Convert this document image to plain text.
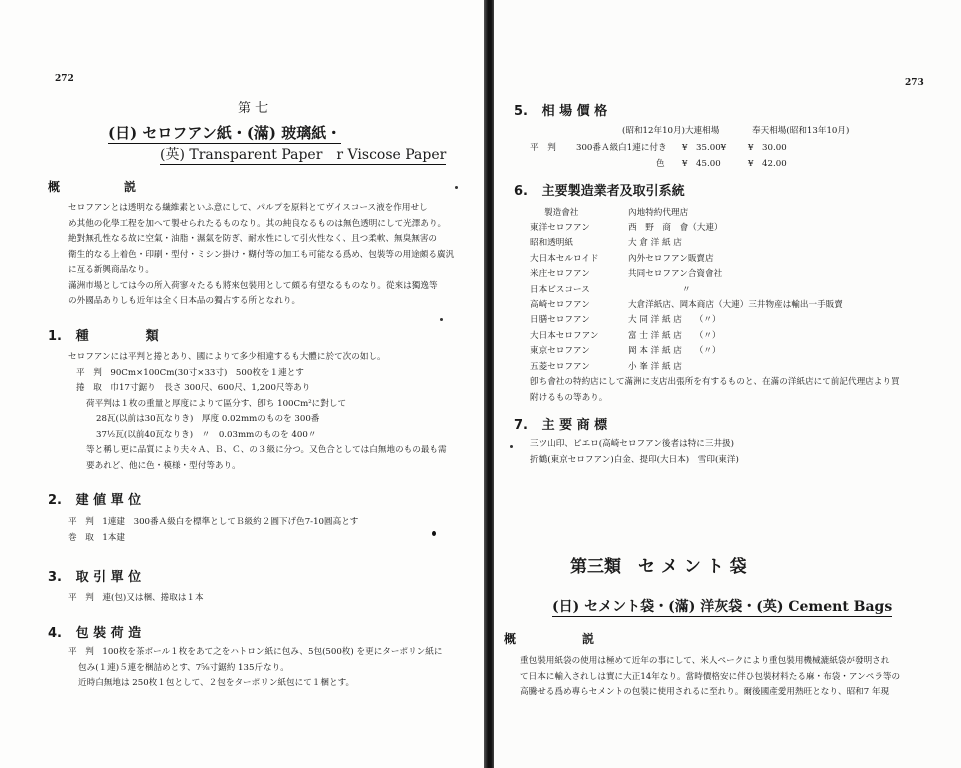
272
第 七
(日) セロフアン紙・(滿) 玻璃紙・
(英) Transparent Paper　r Viscose Paper
概	説
セロフアンとは透明なる繊維素といふ意にして、パルプを原料とてヴイスコース液を作用せし
め其他の化學工程を加へて製せられたるものなり。其の純良なるものは無色透明にして光澤あり。
絶對無孔性なる故に空氣・油脂・濕氣を防ぎ、耐水性にして引火性なく、且つ柔軟、無臭無害の
衛生的なる上着色・印刷・型付・ミシン掛け・糊付等の加工も可能なる爲め、包裝等の用途頗る廣汎
に亙る新興商品なり。
滿洲市場としては今の所入荷寥々たるも將來包裝用として頗る有望なるものなり。從來は獨逸等
の外國品ありしも近年は全く日本品の獨占する所となれり。
1. 種	類
セロフアンには平判と捲とあり、國によりて多少相違するも大體に於て次の如し。
平　判　90Cm×100Cm(30寸×33寸)　500枚を１連とす
捲　取　巾17寸鋸り　長さ 300尺、600尺、1,200尺等あり
荷平判は１枚の重量と厚度によりて區分す、卽ち 100Cm²に對して
28瓦(以前は30瓦なりき)　厚度 0.02mmのものを 300番
37½瓦(以前40瓦なりき)　〃　0.03mmのものを 400〃
等と稱し更に品質により夫々Ａ、Ｂ、Ｃ、の３級に分つ。又色合としては白無地のもの最も需
要あれど、他に色・模様・型付等あり。
2. 建 値 單 位
平　判　1連建　300番Ａ級白を標準としてＢ級約２圓下げ色7-10圓高とす
巻　取　1本建
3. 取 引 單 位
平　判　連(包)又は梱、捲取は１本
4. 包 裝 荷 造
平　判　100枚を茶ボール１枚をあて之をハトロン紙に包み、5包(500枚) を更にターポリン紙に
包み(１連)５連を梱詰めとす、7⅝寸鋸約 135斤なり。
近時白無地は 250枚１包として、２包をターポリン紙包にて１梱とす。
273
5. 相 場 價 格
(昭和12年10月)大連相場	奉天相場(昭和13年10月)
平　判	300番Ａ級白1連に付き	¥　35.00¥	¥　30.00
	色	¥　45.00	¥　42.00
6. 主要製造業者及取引系統
製造會社	內地特約代理店
東洋セロフアン	西　野　商　會（大連）
昭和透明紙	大 倉 洋 紙 店
大日本セルロイド	內外セロフアン販賣店
米庄セロフアン	共同セロフアン合資會社
日本ビスコース	〃
高崎セロフアン	大倉洋紙店、岡本商店（大連）三井物産は輸出一手販賣
日膳セロフアン	大 同 洋 紙 店　　（〃）
大日本セロフアン	富 士 洋 紙 店　　（〃）
東京セロフアン	岡 本 洋 紙 店　　（〃）
五菱セロフアン	小 峯 洋 紙 店
卽ち會社の特約店にして滿洲に支店出張所を有するものと、在滿の洋紙店にて前記代理店より買
附けるもの等あり。
7. 主 要 商 標
三ツ山印、ピエロ(高崎セロフアン後者は特に三井扱)
折鶴(東京セロフアン)白金、提印(大日本)　雪印(東洋)
第三類　セ メ ン ト 袋
(日) セメント袋・(滿) 洋灰袋・(英) Cement Bags
概	説
重包裝用紙袋の使用は極めて近年の事にして、米人ペークにより重包裝用機械漉紙袋が發明され
て日本に輸入されしは實に大正14年なり。當時價格安に伴ひ包裝材料たる麻・布袋・アンペラ等の
高騰せる爲め專らセメントの包裝に使用されるに至れり。爾後國產愛用熱旺となり、昭和7 年現
